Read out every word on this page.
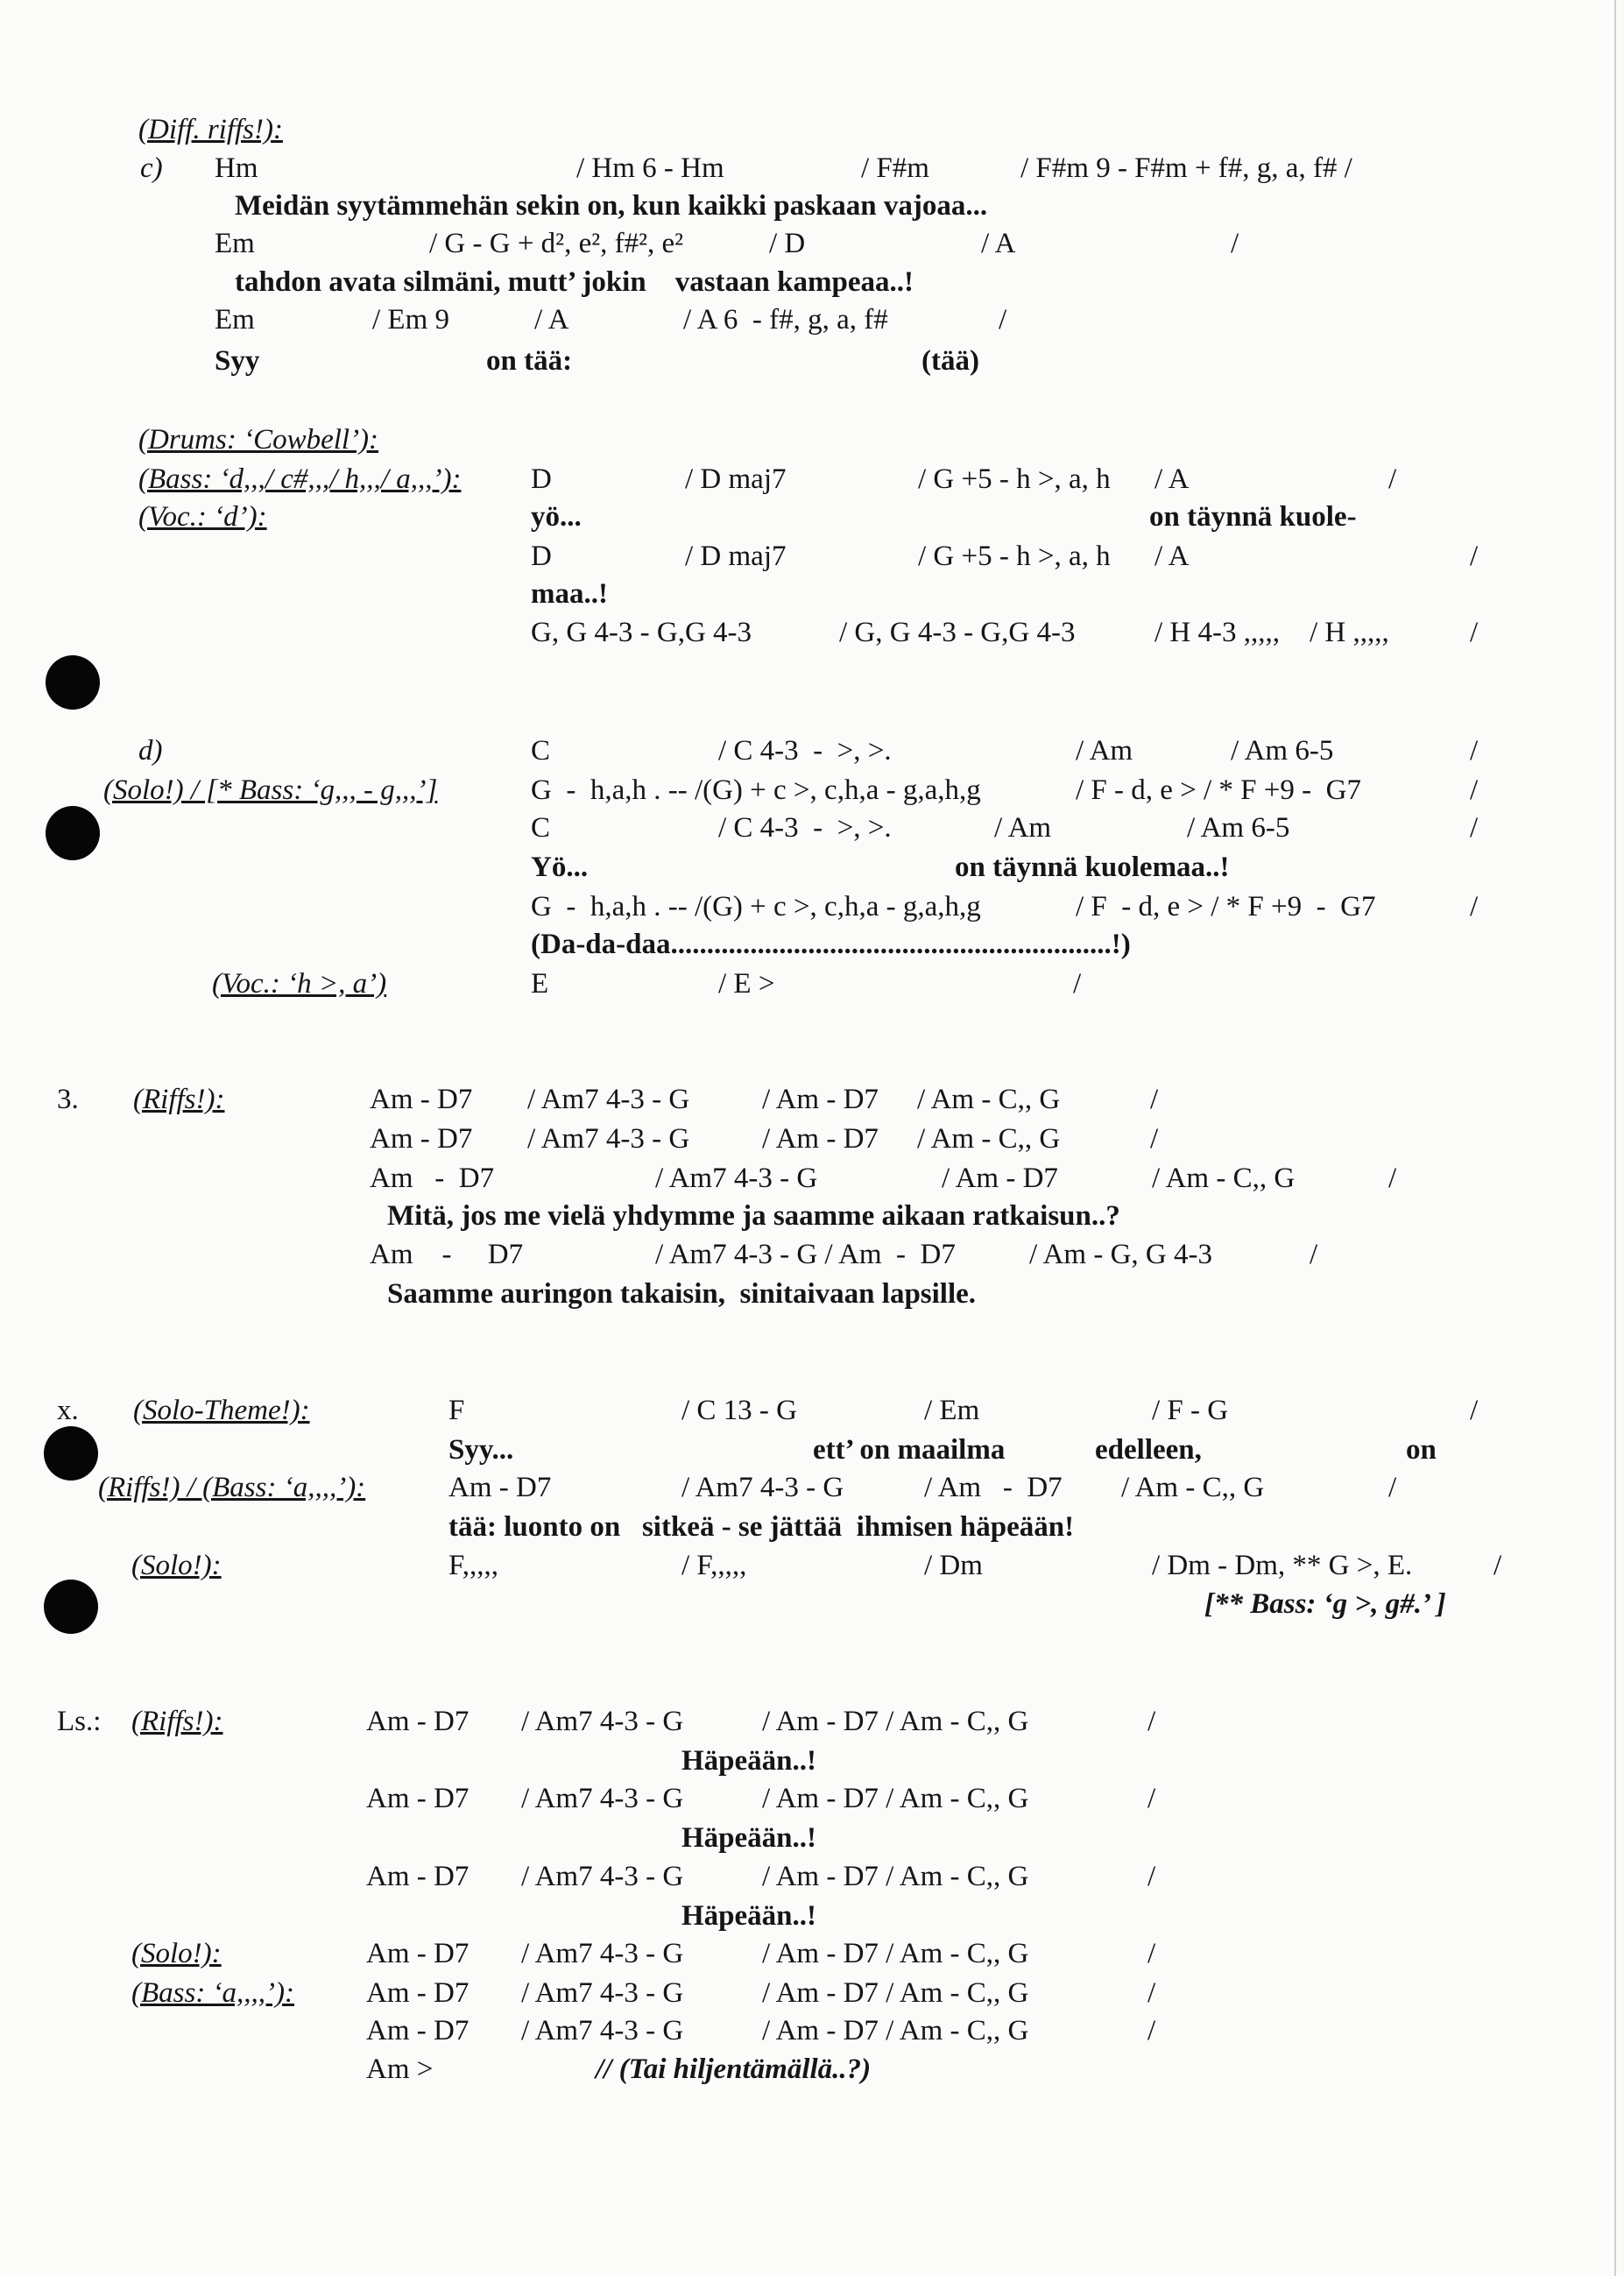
(Diff. riffs!):
c) Hm	/ Hm 6 - Hm	/ F#m	/ F#m 9 - F#m + f#, g, a, f# /
Meidän syytämmehän sekin on, kun kaikki paskaan vajoaa...
Em	/ G - G + d², e², f#², e²	/ D	/ A	/
tahdon avata silmäni, mutt’ jokin    vastaan kampeaa..!
Em	/ Em 9	/ A	/ A 6  - f#, g, a, f#	/
Syy	on tää:	(tää)
(Drums: ‘Cowbell’):
(Bass: ‘d,,,/ c#,,,/ h,,,/ a,,,’):
(Voc.: ‘d’):
D	/ D maj7	/ G +5 - h >, a, h / A	/
yö...	on täynnä kuole-
D	/ D maj7	/ G +5 - h >, a, h / A	/
maa..!
G, G 4-3 - G,G 4-3	/ G, G 4-3 - G,G 4-3	/ H 4-3 ,,,,, / H ,,,,,	/
d)
(Solo!) / [* Bass: ‘g,,, - g,,,’]
(Voc.: ‘h >, a’)
C	/ C 4-3  -  >, >.	/ Am	/ Am 6-5	/
G  -  h,a,h . -- /(G) + c >, c,h,a - g,a,h,g	/ F - d, e > / * F +9 -  G7	/
C	/ C 4-3  -  >, >.	/ Am	/ Am 6-5	/
Yö...	on täynnä kuolemaa..!
G  -  h,a,h . -- /(G) + c >, c,h,a - g,a,h,g	/ F  - d, e > / * F +9  -  G7	/
(Da-da-daa.............................................................!)
E	/ E >	/
3. (Riffs!):	Am - D7 / Am7 4-3 - G	/ Am - D7 / Am - C,, G	/
Am - D7 / Am7 4-3 - G	/ Am - D7 / Am - C,, G	/
Am   -  D7	/ Am7 4-3 - G	/ Am - D7	/ Am - C,, G	/
Mitä, jos me vielä yhdymme ja saamme aikaan ratkaisun..?
Am    -     D7	/ Am7 4-3 - G / Am  -  D7	/ Am - G, G 4-3	/
Saamme auringon takaisin,  sinitaivaan lapsille.
x. (Solo-Theme!):
(Riffs!) / (Bass: ‘a,,,,’):
(Solo!):
F	/ C 13 - G	/ Em	/ F - G	/
Syy...	ett’ on maailma	edelleen,	on
Am - D7	/ Am7 4-3 - G	/ Am   -  D7 / Am - C,, G	/
tää: luonto on   sitkeä - se jättää  ihmisen häpeään!
F,,,,,	/ F,,,,,	/ Dm	/ Dm - Dm, ** G >, E.	/
[** Bass: ‘g >, g#.’ ]
Ls.: (Riffs!):
(Solo!):
(Bass: ‘a,,,,’):
Am - D7 / Am7 4-3 - G	/ Am - D7 / Am - C,, G	/
Häpeään..!
Am - D7 / Am7 4-3 - G	/ Am - D7 / Am - C,, G	/
Häpeään..!
Am - D7 / Am7 4-3 - G	/ Am - D7 / Am - C,, G	/
Häpeään..!
Am - D7 / Am7 4-3 - G	/ Am - D7 / Am - C,, G	/
Am - D7 / Am7 4-3 - G	/ Am - D7 / Am - C,, G	/
Am - D7 / Am7 4-3 - G	/ Am - D7 / Am - C,, G	/
Am >	// (Tai hiljentämällä..?)
